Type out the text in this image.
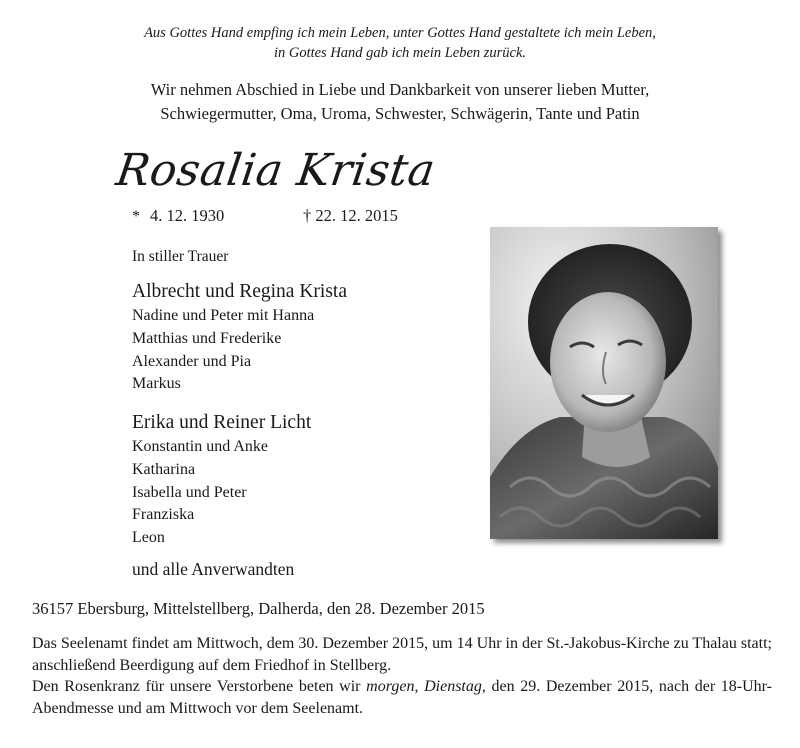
Aus Gottes Hand empfing ich mein Leben, unter Gottes Hand gestaltete ich mein Leben,
in Gottes Hand gab ich mein Leben zurück.
Wir nehmen Abschied in Liebe und Dankbarkeit von unserer lieben Mutter,
Schwiegermutter, Oma, Uroma, Schwester, Schwägerin, Tante und Patin
Rosalia Krista
* 4. 12. 1930	† 22. 12. 2015
In stiller Trauer
Albrecht und Regina Krista
Nadine und Peter mit Hanna
Matthias und Frederike
Alexander und Pia
Markus
Erika und Reiner Licht
Konstantin und Anke
Katharina
Isabella und Peter
Franziska
Leon
und alle Anverwandten
36157 Ebersburg, Mittelstellberg, Dalherda, den 28. Dezember 2015

Das Seelenamt findet am Mittwoch, dem 30. Dezember 2015, um 14 Uhr in der St.-Jakobus-Kirche zu Thalau statt; anschließend Beerdigung auf dem Friedhof in Stellberg.

Den Rosenkranz für unsere Verstorbene beten wir morgen, Dienstag, den 29. Dezember 2015, nach der 18-Uhr-Abendmesse und am Mittwoch vor dem Seelenamt.
